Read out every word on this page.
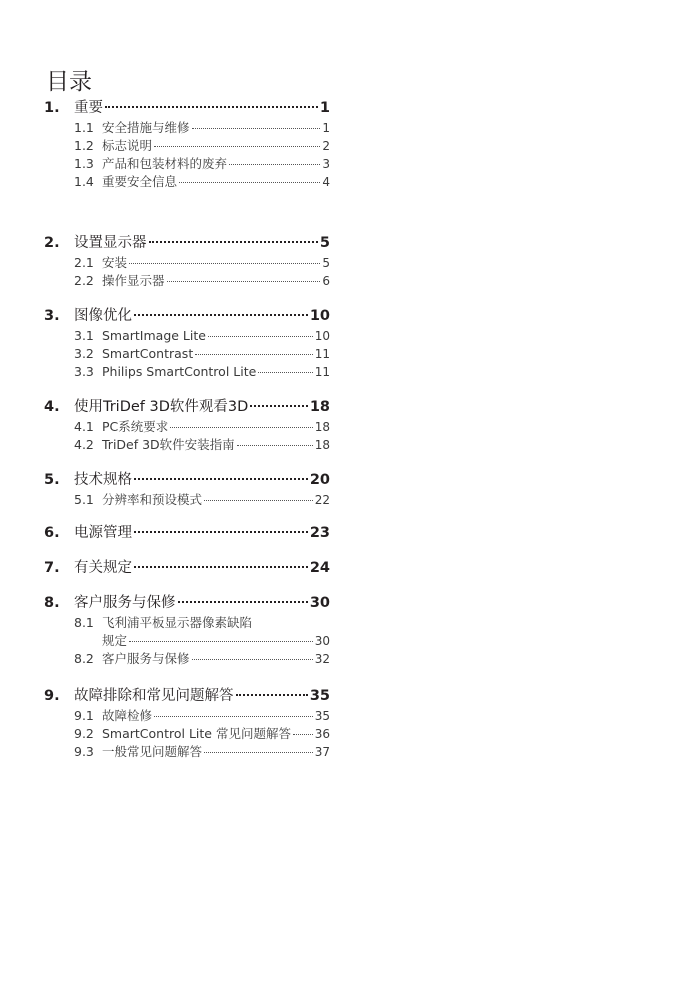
目录
1. 重要	1
1.1 安全措施与维修	1
1.2 标志说明	2
1.3 产品和包装材料的废弃	3
1.4 重要安全信息	4
2. 设置显示器	5
2.1 安装	5
2.2 操作显示器	6
3. 图像优化	10
3.1 SmartImage Lite	10
3.2 SmartContrast	11
3.3 Philips SmartControl Lite	11
4. 使用TriDef 3D软件观看3D	18
4.1 PC系统要求	18
4.2 TriDef 3D软件安装指南	18
5. 技术规格	20
5.1 分辨率和预设模式	22
6. 电源管理	23
7. 有关规定	24
8. 客户服务与保修	30
8.1 飞利浦平板显示器像素缺陷
规定	30
8.2 客户服务与保修	32
9. 故障排除和常见问题解答	35
9.1 故障检修	35
9.2 SmartControl Lite 常见问题解答 36
9.3 一般常见问题解答	37
